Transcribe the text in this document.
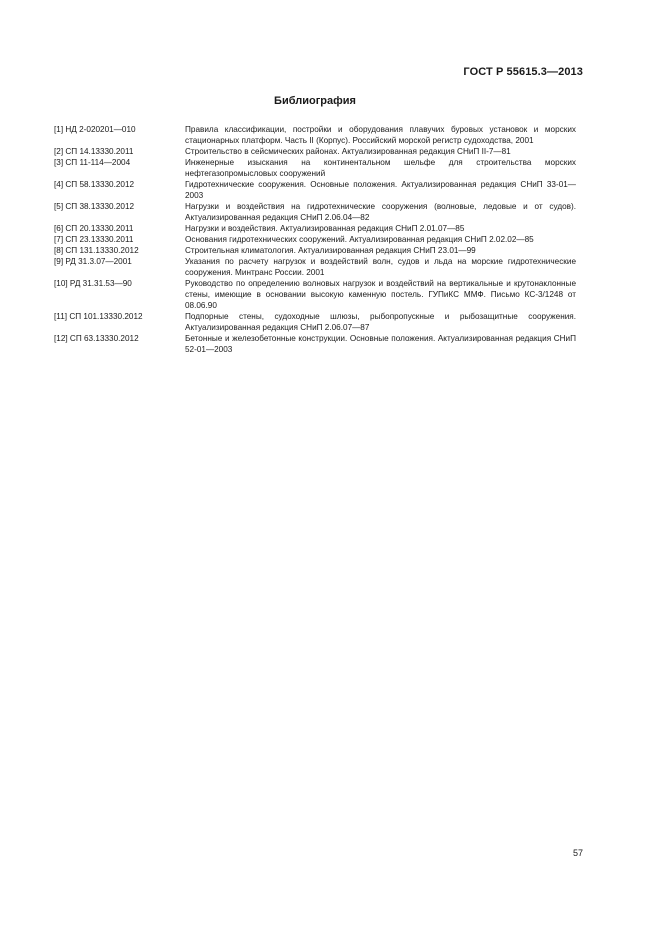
ГОСТ Р 55615.3—2013
Библиография
[1] НД 2-020201—010	Правила классификации, постройки и оборудования плавучих буровых установок и морских стационарных платформ. Часть II (Корпус). Российский морской регистр судоходства, 2001
[2] СП 14.13330.2011	Строительство в сейсмических районах. Актуализированная редакция СНиП II-7—81
[3] СП 11-114—2004	Инженерные изыскания на континентальном шельфе для строительства морских нефтегазопромысловых сооружений
[4] СП 58.13330.2012	Гидротехнические сооружения. Основные положения. Актуализированная редакция СНиП 33-01—2003
[5] СП 38.13330.2012	Нагрузки и воздействия на гидротехнические сооружения (волновые, ледовые и от судов). Актуализированная редакция СНиП 2.06.04—82
[6] СП 20.13330.2011	Нагрузки и воздействия. Актуализированная редакция СНиП 2.01.07—85
[7] СП 23.13330.2011	Основания гидротехнических сооружений. Актуализированная редакция СНиП 2.02.02—85
[8] СП 131.13330.2012	Строительная климатология. Актуализированная редакция СНиП 23.01—99
[9] РД 31.3.07—2001	Указания по расчету нагрузок и воздействий волн, судов и льда на морские гидротехнические сооружения. Минтранс России. 2001
[10] РД 31.31.53—90	Руководство по определению волновых нагрузок и воздействий на вертикальные и крутонаклонные стены, имеющие в основании высокую каменную постель. ГУПиКС ММФ. Письмо КС-3/1248 от 08.06.90
[11] СП 101.13330.2012	Подпорные стены, судоходные шлюзы, рыбопропускные и рыбозащитные сооружения. Актуализированная редакция СНиП 2.06.07—87
[12] СП 63.13330.2012	Бетонные и железобетонные конструкции. Основные положения. Актуализированная редакция СНиП 52-01—2003
57
